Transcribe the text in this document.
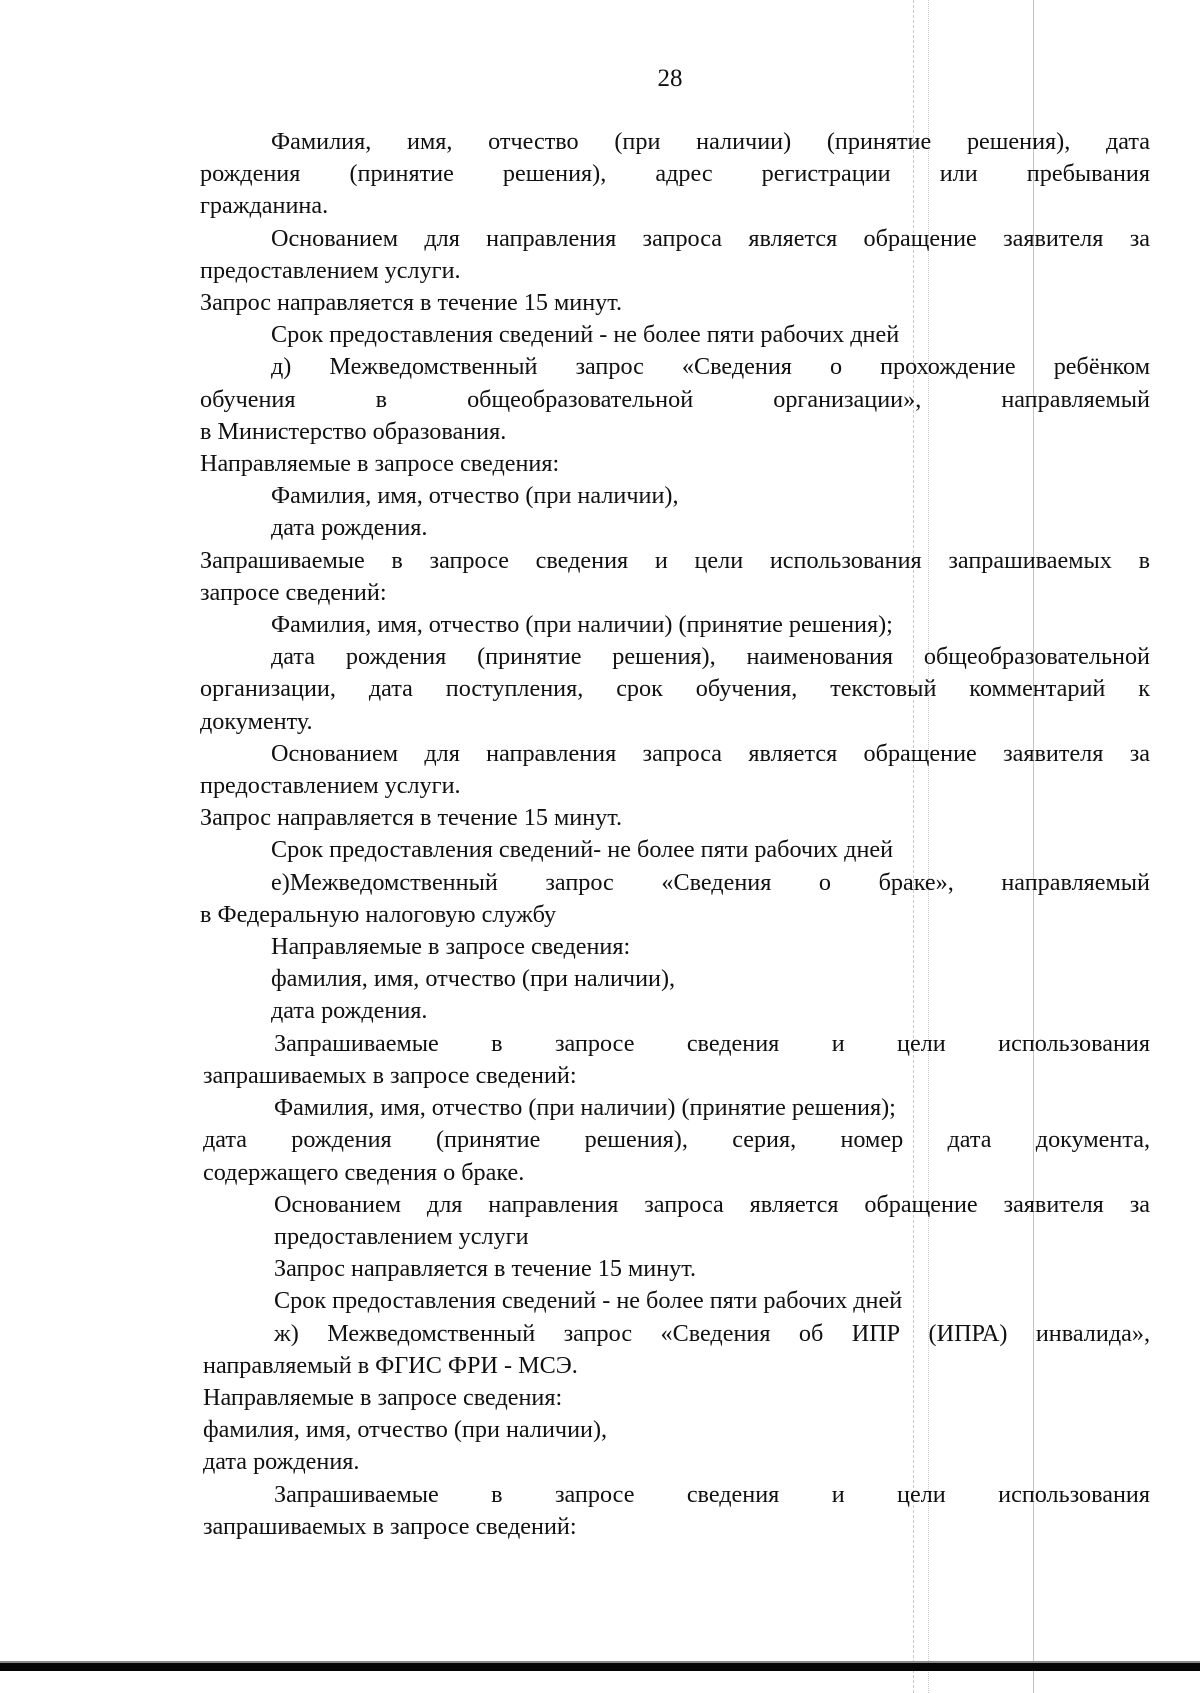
28

Фамилия, имя, отчество (при наличии) (принятие решения), дата

рождения (принятие решения), адрес регистрации или пребывания

гражданина.

Основанием для направления запроса является обращение заявителя за

предоставлением услуги.

Запрос направляется в течение 15 минут.

Срок предоставления сведений - не более пяти рабочих дней

д) Межведомственный запрос «Сведения о прохождение ребёнком

обучения в общеобразовательной организации», направляемый

в Министерство образования.

Направляемые в запросе сведения:

Фамилия, имя, отчество (при наличии),

дата рождения.

Запрашиваемые в запросе сведения и цели использования запрашиваемых в

запросе сведений:

Фамилия, имя, отчество (при наличии) (принятие решения);

дата рождения (принятие решения), наименования общеобразовательной

организации, дата поступления, срок обучения, текстовый комментарий к

документу.

Основанием для направления запроса является обращение заявителя за

предоставлением услуги.

Запрос направляется в течение 15 минут.

Срок предоставления сведений- не более пяти рабочих дней

е)Межведомственный запрос «Сведения о браке», направляемый

в Федеральную налоговую службу

Направляемые в запросе сведения:

фамилия, имя, отчество (при наличии),

дата рождения.

Запрашиваемые в запросе сведения и цели использования

запрашиваемых в запросе сведений:

Фамилия, имя, отчество (при наличии) (принятие решения);

дата рождения (принятие решения), серия, номер дата документа,

содержащего сведения о браке.

Основанием для направления запроса является обращение заявителя за

предоставлением услуги

Запрос направляется в течение 15 минут.

Срок предоставления сведений - не более пяти рабочих дней

ж) Межведомственный запрос «Сведения об ИПР (ИПРА) инвалида»,

направляемый в ФГИС ФРИ - МСЭ.

Направляемые в запросе сведения:

фамилия, имя, отчество (при наличии),

дата рождения.

Запрашиваемые в запросе сведения и цели использования

запрашиваемых в запросе сведений:
